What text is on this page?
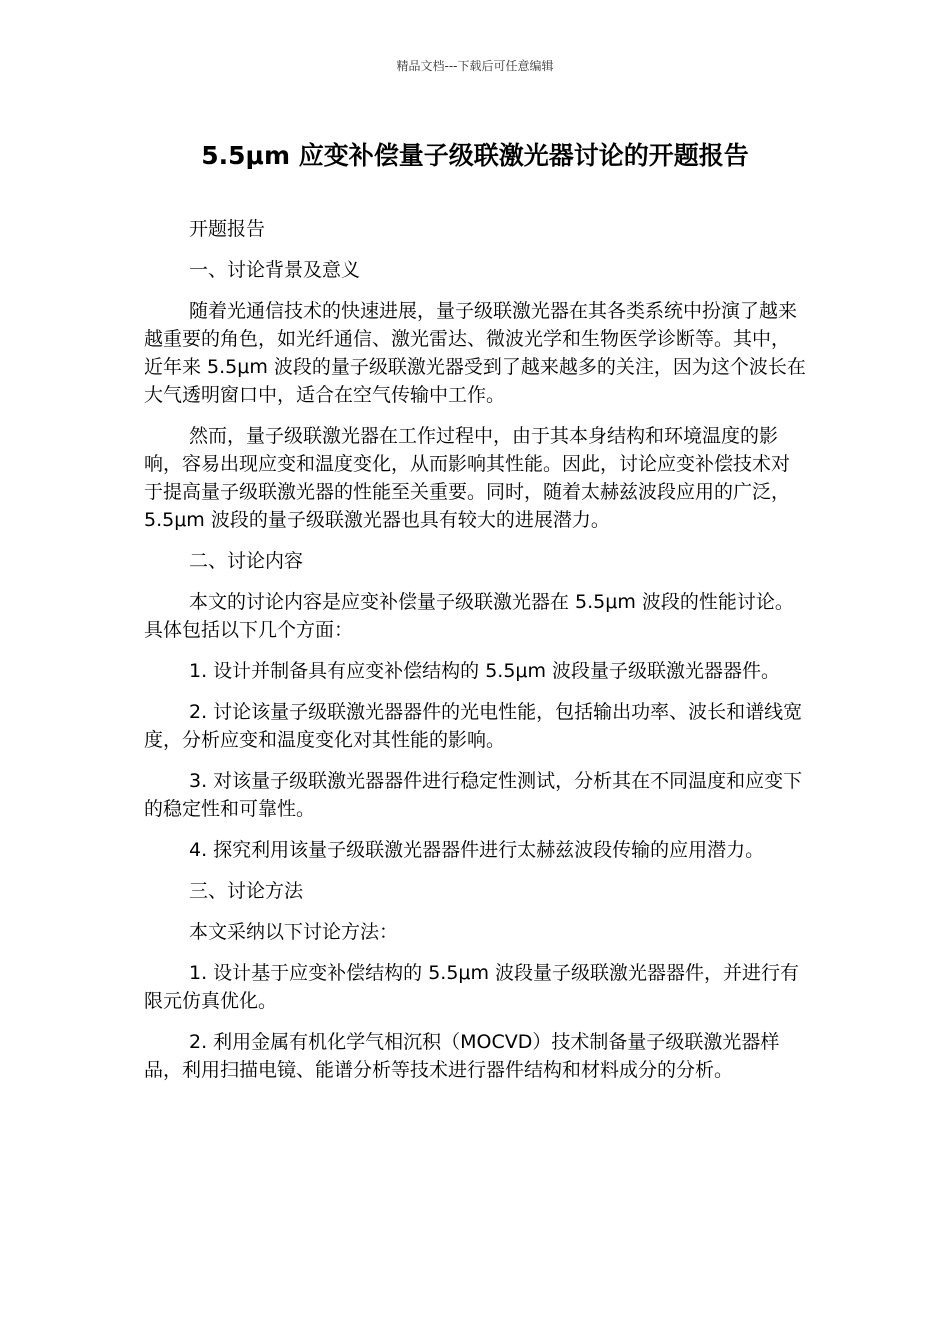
精品文档---下载后可任意编辑
5.5μm 应变补偿量子级联激光器讨论的开题报告

开题报告

一、讨论背景及意义

随着光通信技术的快速进展，量子级联激光器在其各类系统中扮演了越来越重要的角色，如光纤通信、激光雷达、微波光学和生物医学诊断等。其中，近年来 5.5μm 波段的量子级联激光器受到了越来越多的关注，因为这个波长在大气透明窗口中，适合在空气传输中工作。

然而，量子级联激光器在工作过程中，由于其本身结构和环境温度的影响，容易出现应变和温度变化，从而影响其性能。因此，讨论应变补偿技术对于提高量子级联激光器的性能至关重要。同时，随着太赫兹波段应用的广泛，5.5μm 波段的量子级联激光器也具有较大的进展潜力。

二、讨论内容

本文的讨论内容是应变补偿量子级联激光器在 5.5μm 波段的性能讨论。具体包括以下几个方面：

1. 设计并制备具有应变补偿结构的 5.5μm 波段量子级联激光器器件。

2. 讨论该量子级联激光器器件的光电性能，包括输出功率、波长和谱线宽度，分析应变和温度变化对其性能的影响。

3. 对该量子级联激光器器件进行稳定性测试，分析其在不同温度和应变下的稳定性和可靠性。

4. 探究利用该量子级联激光器器件进行太赫兹波段传输的应用潜力。

三、讨论方法

本文采纳以下讨论方法：

1. 设计基于应变补偿结构的 5.5μm 波段量子级联激光器器件，并进行有限元仿真优化。

2. 利用金属有机化学气相沉积（MOCVD）技术制备量子级联激光器样品，利用扫描电镜、能谱分析等技术进行器件结构和材料成分的分析。
